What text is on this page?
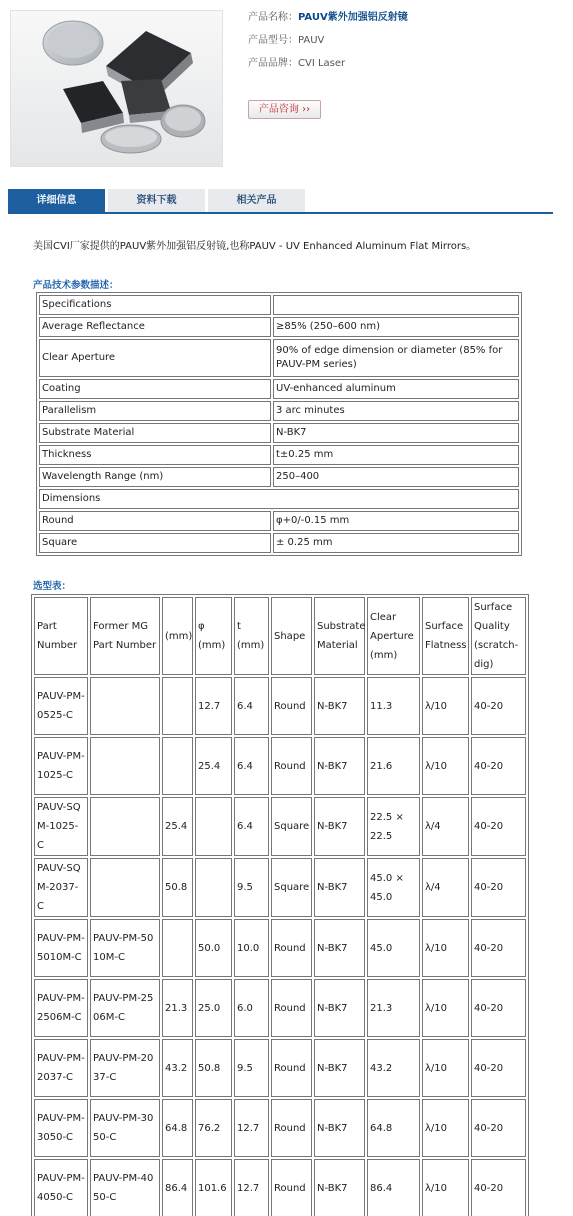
产品名称：PAUV紫外加强铝反射镜
产品型号：PAUV
产品品牌：CVI Laser
产品咨询 ››
详细信息	资料下载	相关产品
美国CVI厂家提供的PAUV紫外加强铝反射镜,也称PAUV - UV Enhanced Aluminum Flat Mirrors。
产品技术参数描述：
Specifications	
Average Reflectance	≥85% (250–600 nm)
Clear Aperture	90% of edge dimension or diameter (85% for PAUV-PM series)
Coating	UV-enhanced aluminum
Parallelism	3 arc minutes
Substrate Material	N-BK7
Thickness	t±0.25 mm
Wavelength Range (nm)	250–400
Dimensions	
Round	φ+0/-0.15 mm
Square	± 0.25 mm
选型表：
Part Number	Former MG Part Number	(mm)	φ (mm)	t (mm)	Shape	Substrate Material	Clear Aperture (mm)	Surface Flatness	Surface Quality (scratch-dig)
PAUV-PM-0525-C			12.7	6.4	Round	N-BK7	11.3	λ/10	40-20
PAUV-PM-1025-C			25.4	6.4	Round	N-BK7	21.6	λ/10	40-20
PAUV-SQM-1025-C		25.4		6.4	Square	N-BK7	22.5 × 22.5	λ/4	40-20
PAUV-SQM-2037-C		50.8		9.5	Square	N-BK7	45.0 × 45.0	λ/4	40-20
PAUV-PM-5010M-C	PAUV-PM-5010M-C		50.0	10.0	Round	N-BK7	45.0	λ/10	40-20
PAUV-PM-2506M-C	PAUV-PM-2506M-C	21.3	25.0	6.0	Round	N-BK7	21.3	λ/10	40-20
PAUV-PM-2037-C	PAUV-PM-2037-C	43.2	50.8	9.5	Round	N-BK7	43.2	λ/10	40-20
PAUV-PM-3050-C	PAUV-PM-3050-C	64.8	76.2	12.7	Round	N-BK7	64.8	λ/10	40-20
PAUV-PM-4050-C	PAUV-PM-4050-C	86.4	101.6	12.7	Round	N-BK7	86.4	λ/10	40-20
